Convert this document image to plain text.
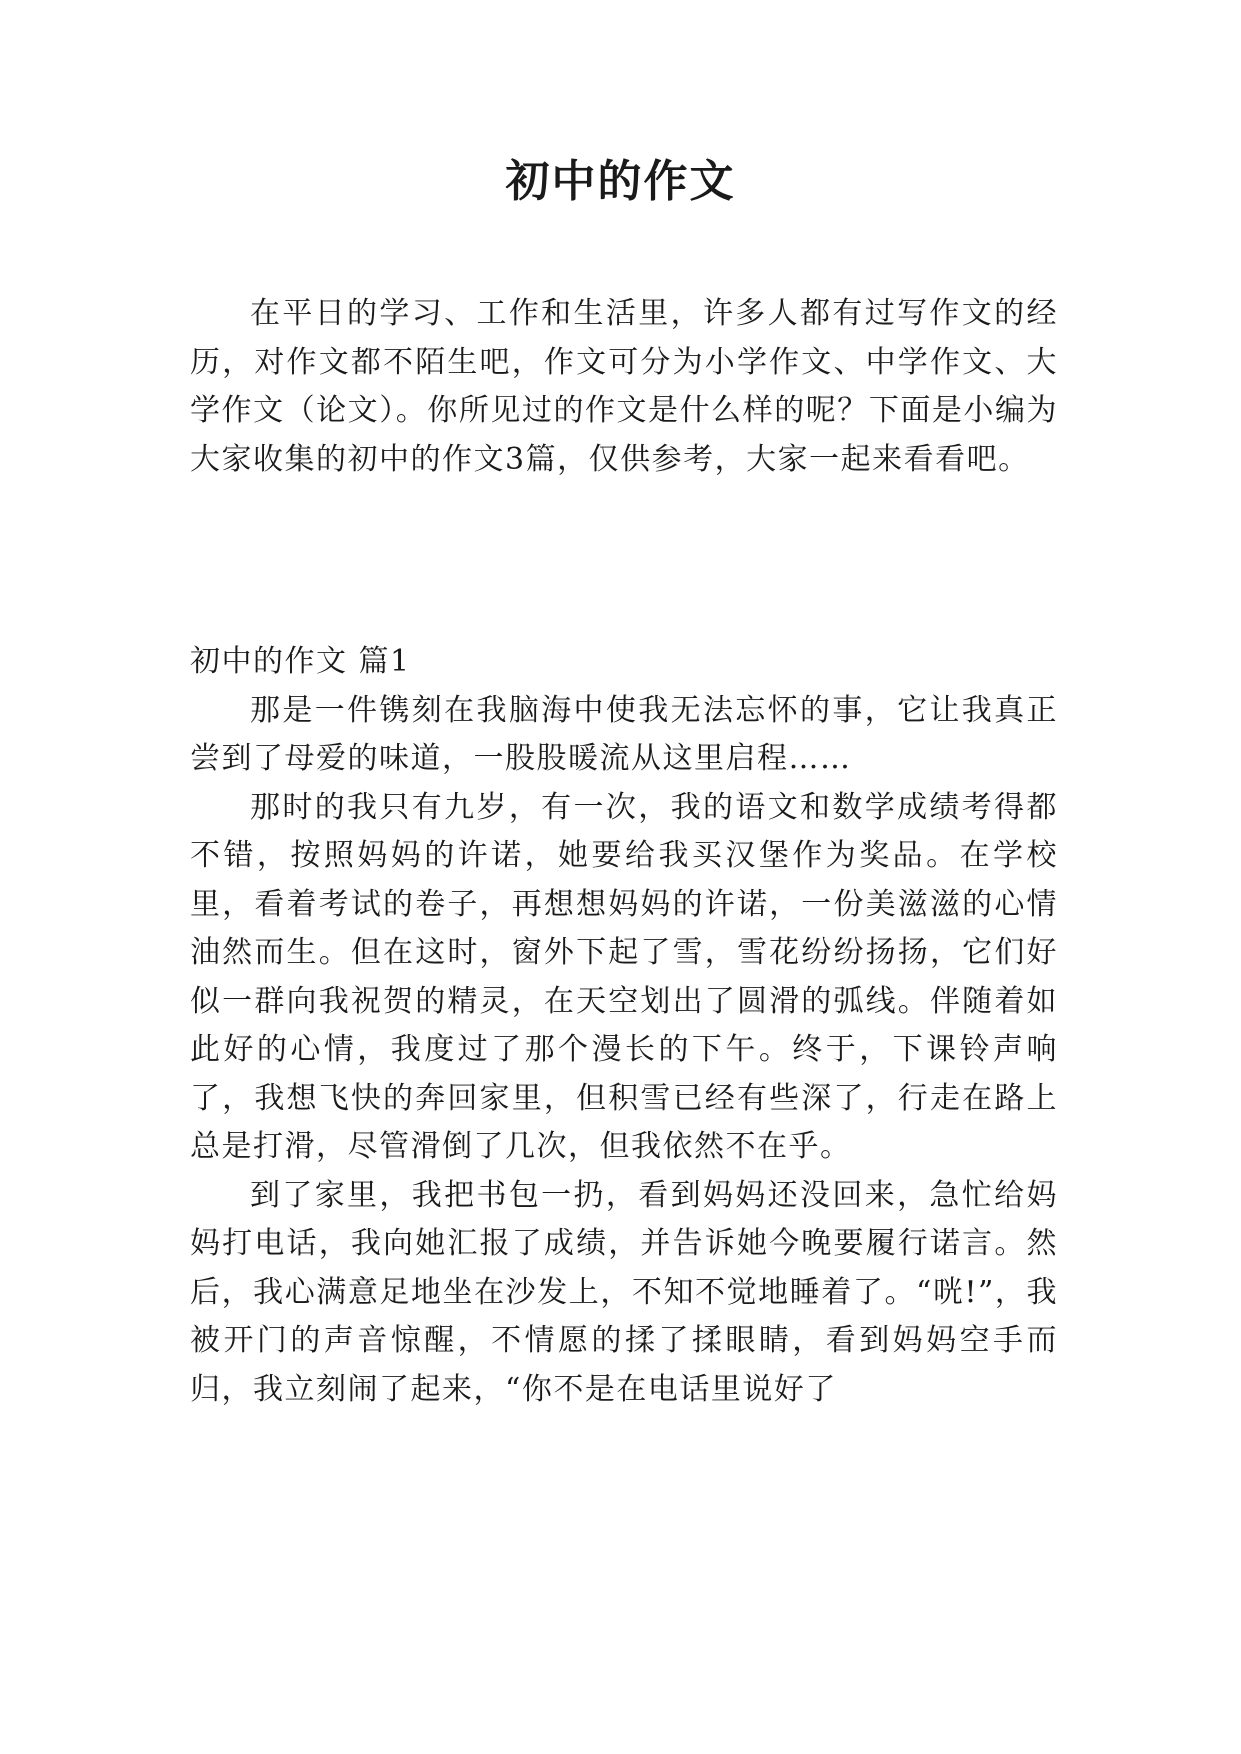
初中的作文

在平日的学习、工作和生活里，许多人都有过写作文的经历，对作文都不陌生吧，作文可分为小学作文、中学作文、大学作文（论文）。你所见过的作文是什么样的呢？下面是小编为大家收集的初中的作文3篇，仅供参考，大家一起来看看吧。

初中的作文 篇1

那是一件镌刻在我脑海中使我无法忘怀的事，它让我真正尝到了母爱的味道，一股股暖流从这里启程……

那时的我只有九岁，有一次，我的语文和数学成绩考得都不错，按照妈妈的许诺，她要给我买汉堡作为奖品。在学校里，看着考试的卷子，再想想妈妈的许诺，一份美滋滋的心情油然而生。但在这时，窗外下起了雪，雪花纷纷扬扬，它们好似一群向我祝贺的精灵，在天空划出了圆滑的弧线。伴随着如此好的心情，我度过了那个漫长的下午。终于，下课铃声响了，我想飞快的奔回家里，但积雪已经有些深了，行走在路上总是打滑，尽管滑倒了几次，但我依然不在乎。

到了家里，我把书包一扔，看到妈妈还没回来，急忙给妈妈打电话，我向她汇报了成绩，并告诉她今晚要履行诺言。然后，我心满意足地坐在沙发上，不知不觉地睡着了。“咣!”，我被开门的声音惊醒，不情愿的揉了揉眼睛，看到妈妈空手而归，我立刻闹了起来，“你不是在电话里说好了
